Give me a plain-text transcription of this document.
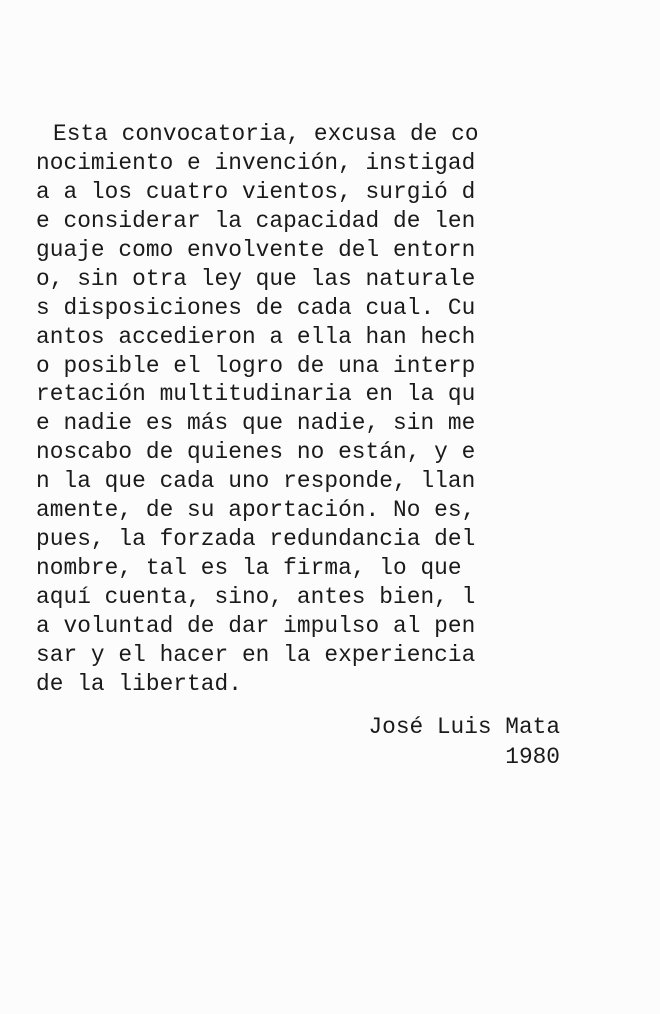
Esta convocatoria, excusa de co
nocimiento e invención, instigad
a a los cuatro vientos, surgió d
e considerar la capacidad de len
guaje como envolvente del entorn
o, sin otra ley que las naturale
s disposiciones de cada cual. Cu
antos accedieron a ella han hech
o posible el logro de una interp
retación multitudinaria en la qu
e nadie es más que nadie, sin me
noscabo de quienes no están, y e
n la que cada uno responde, llan
amente, de su aportación. No es,
pues, la forzada redundancia del
nombre, tal es la firma, lo que
aquí cuenta, sino, antes bien, l
a voluntad de dar impulso al pen
sar y el hacer en la experiencia
de la libertad.
José Luis Mata
1980
